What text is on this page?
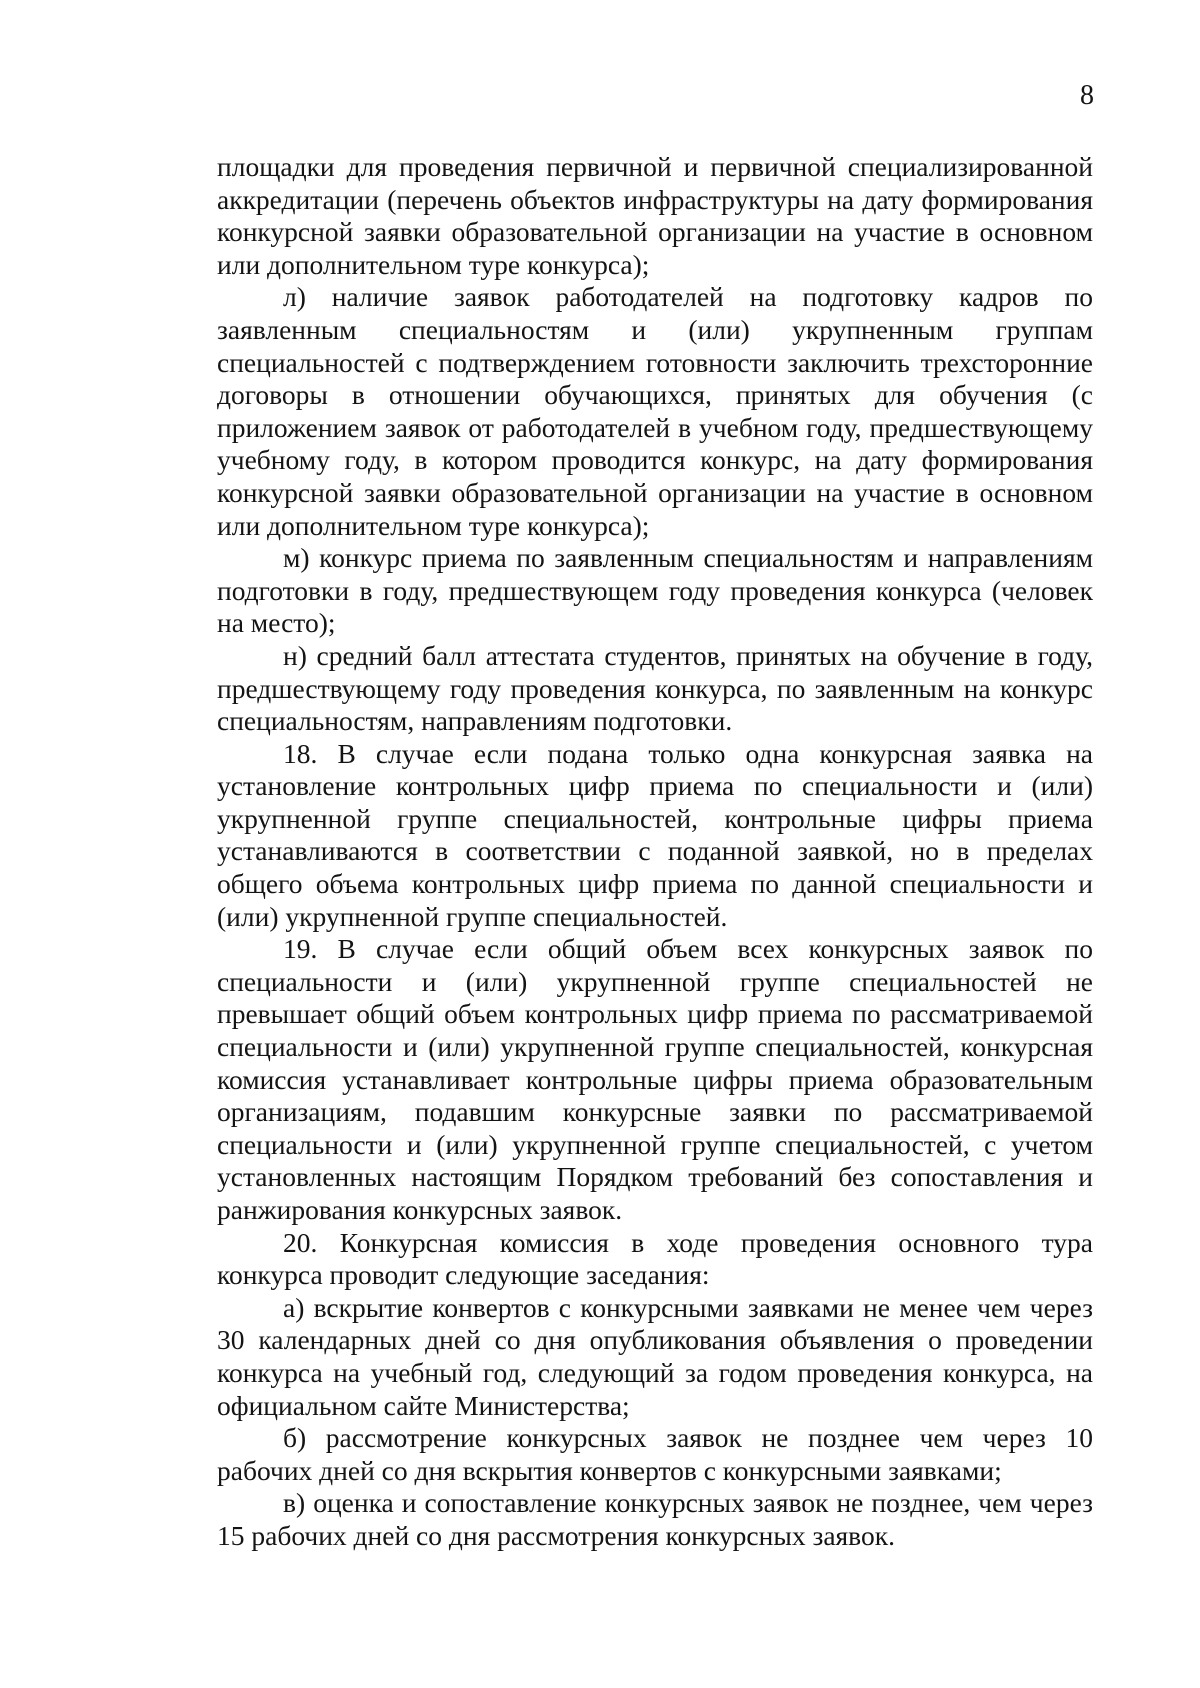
8

площадки для проведения первичной и первичной специализированной аккредитации (перечень объектов инфраструктуры на дату формирования конкурсной заявки образовательной организации на участие в основном или дополнительном туре конкурса);

л) наличие заявок работодателей на подготовку кадров по заявленным специальностям и (или) укрупненным группам специальностей с подтверждением готовности заключить трехсторонние договоры в отношении обучающихся, принятых для обучения (с приложением заявок от работодателей в учебном году, предшествующему учебному году, в котором проводится конкурс, на дату формирования конкурсной заявки образовательной организации на участие в основном или дополнительном туре конкурса);

м) конкурс приема по заявленным специальностям и направлениям подготовки в году, предшествующем году проведения конкурса (человек на место);

н) средний балл аттестата студентов, принятых на обучение в году, предшествующему году проведения конкурса, по заявленным на конкурс специальностям, направлениям подготовки.

18. В случае если подана только одна конкурсная заявка на установление контрольных цифр приема по специальности и (или) укрупненной группе специальностей, контрольные цифры приема устанавливаются в соответствии с поданной заявкой, но в пределах общего объема контрольных цифр приема по данной специальности и (или) укрупненной группе специальностей.

19. В случае если общий объем всех конкурсных заявок по специальности и (или) укрупненной группе специальностей не превышает общий объем контрольных цифр приема по рассматриваемой специальности и (или) укрупненной группе специальностей, конкурсная комиссия устанавливает контрольные цифры приема образовательным организациям, подавшим конкурсные заявки по рассматриваемой специальности и (или) укрупненной группе специальностей, с учетом установленных настоящим Порядком требований без сопоставления и ранжирования конкурсных заявок.

20. Конкурсная комиссия в ходе проведения основного тура конкурса проводит следующие заседания:

а) вскрытие конвертов с конкурсными заявками не менее чем через 30 календарных дней со дня опубликования объявления о проведении конкурса на учебный год, следующий за годом проведения конкурса, на официальном сайте Министерства;

б) рассмотрение конкурсных заявок не позднее чем через 10 рабочих дней со дня вскрытия конвертов с конкурсными заявками;

в) оценка и сопоставление конкурсных заявок не позднее, чем через 15 рабочих дней со дня рассмотрения конкурсных заявок.
